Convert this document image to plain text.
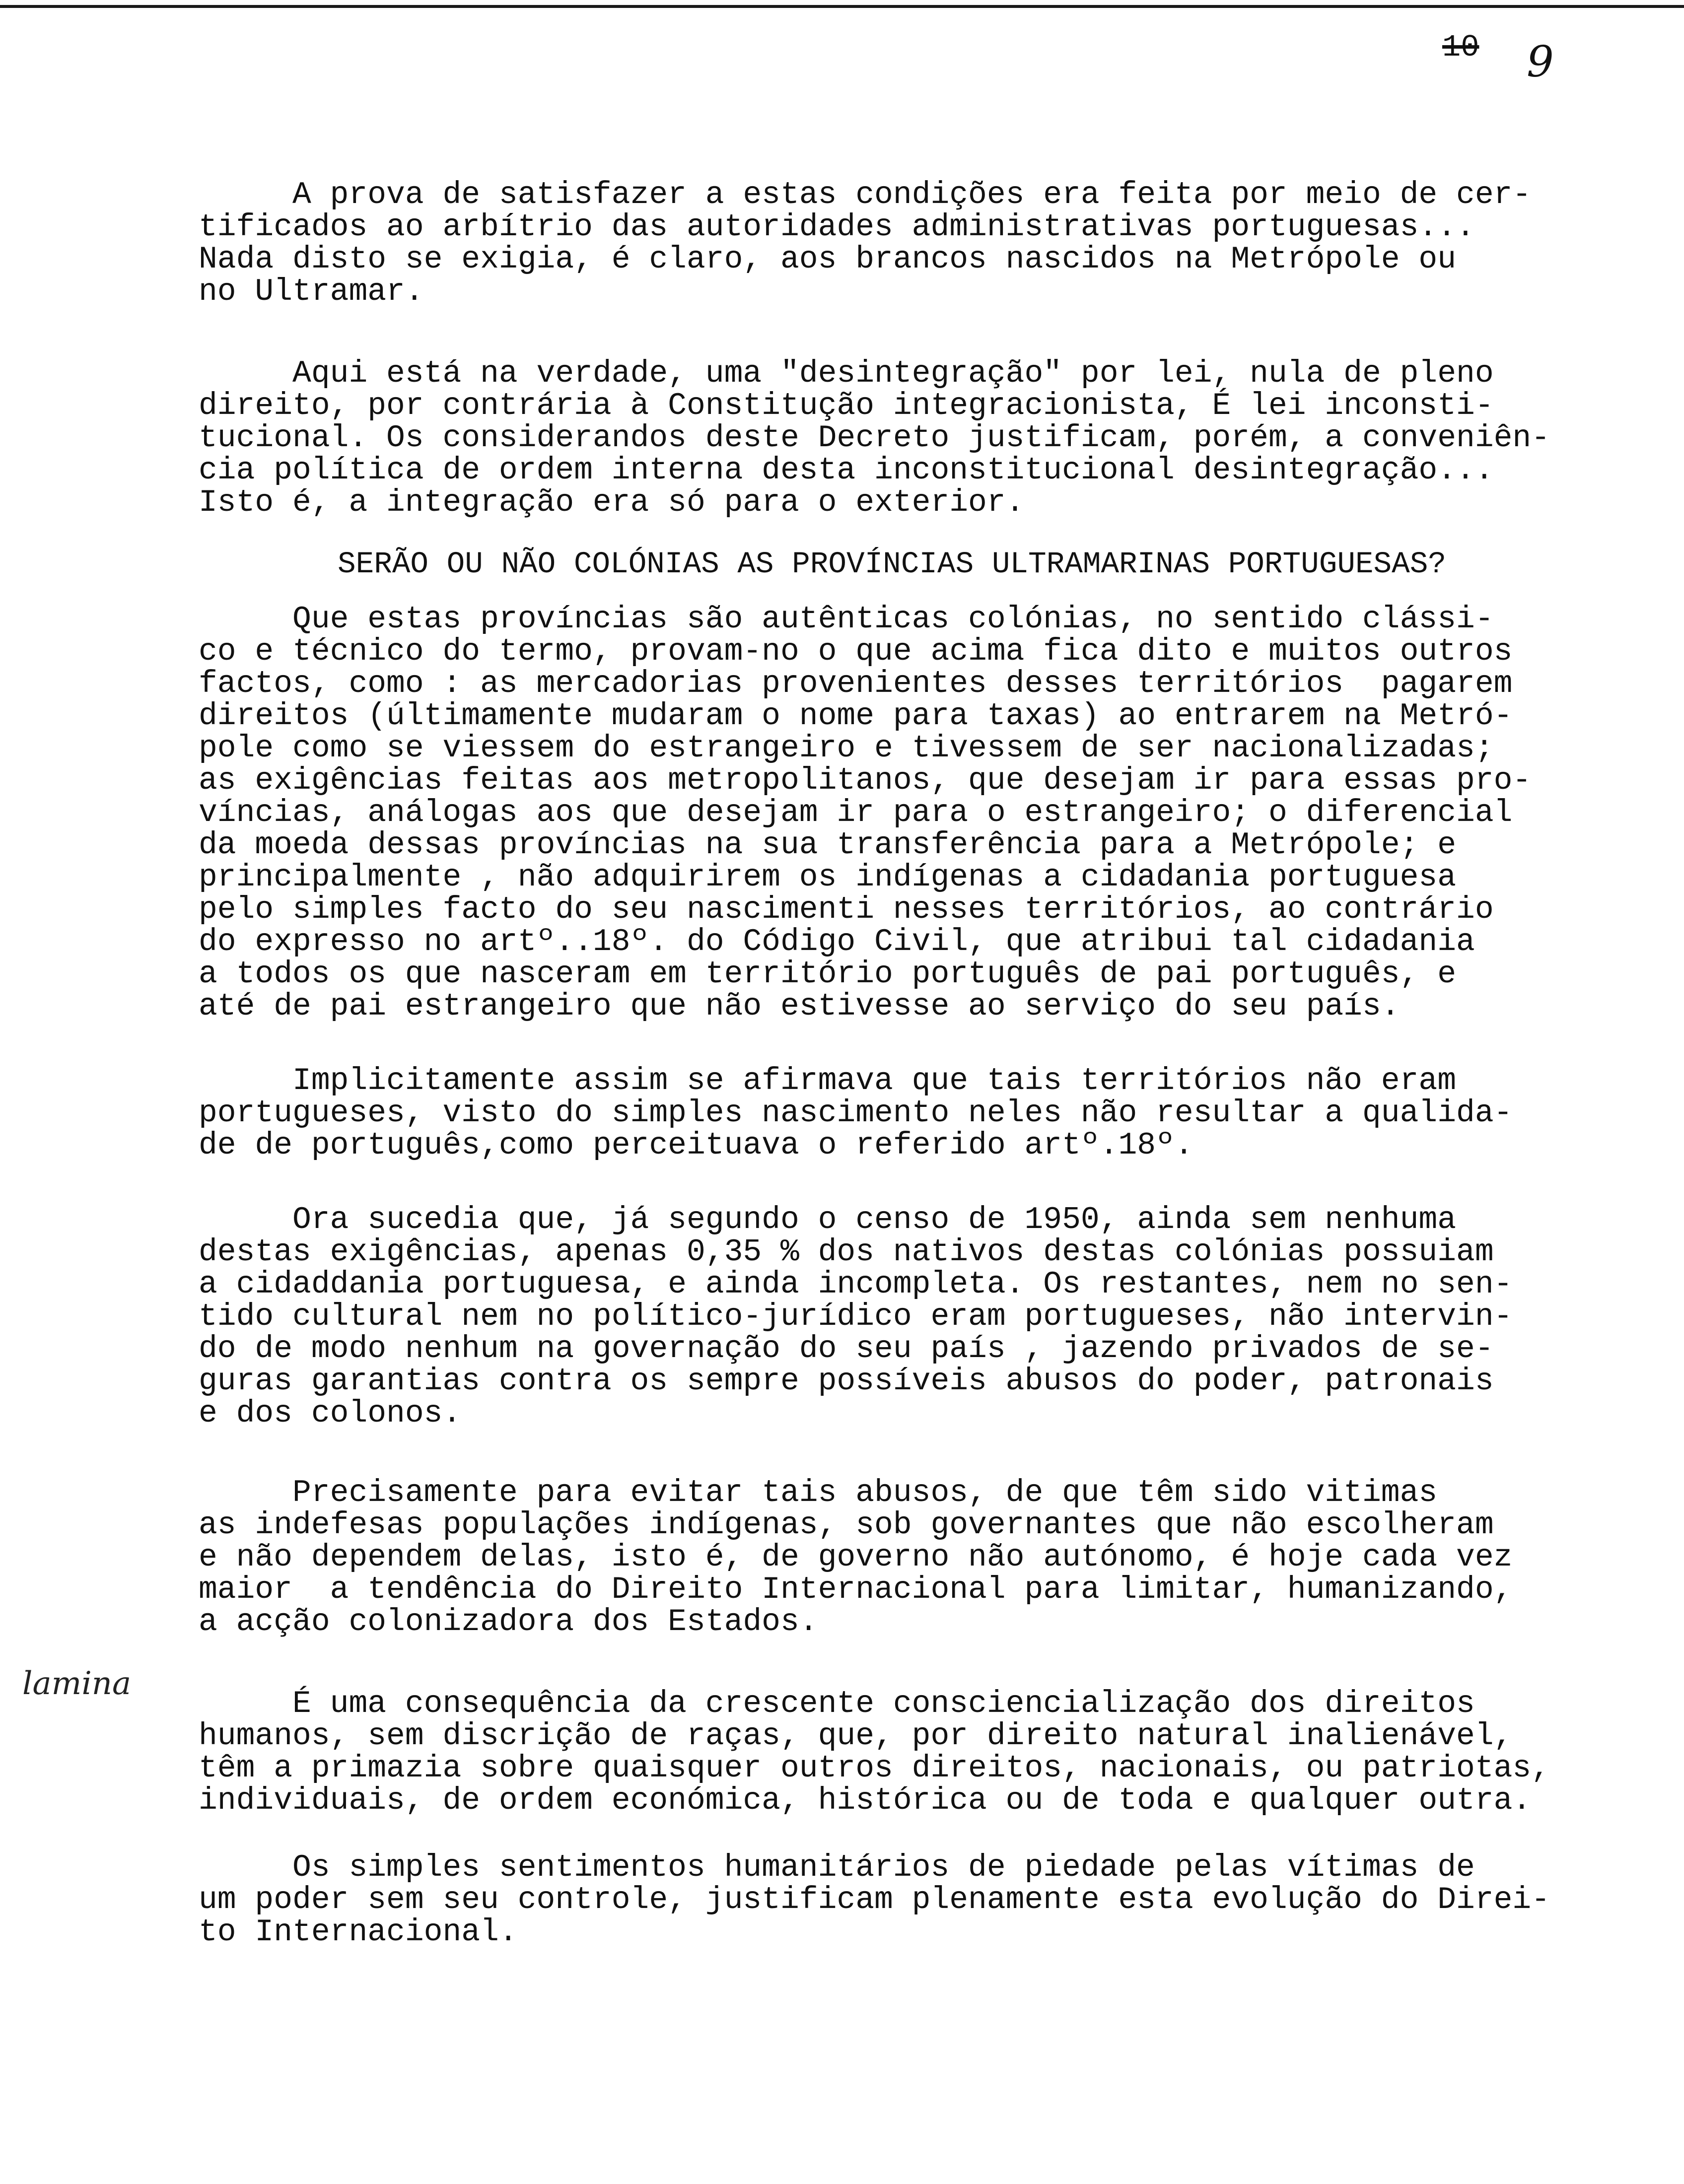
10 9
lamina

A prova de satisfazer a estas condições era feita por meio de cer-
tificados ao arbítrio das autoridades administrativas portuguesas...
Nada disto se exigia, é claro, aos brancos nascidos na Metrópole ou
no Ultramar.

Aqui está na verdade, uma "desintegração" por lei, nula de pleno
direito, por contrária à Constitução integracionista, É lei inconsti-
tucional. Os considerandos deste Decreto justificam, porém, a conveniên-
cia política de ordem interna desta inconstitucional desintegração...
Isto é, a integração era só para o exterior.

SERÃO OU NÃO COLÓNIAS AS PROVÍNCIAS ULTRAMARINAS PORTUGUESAS?

Que estas províncias são autênticas colónias, no sentido clássi-
co e técnico do termo, provam-no o que acima fica dito e muitos outros
factos, como : as mercadorias provenientes desses territórios  pagarem
direitos (últimamente mudaram o nome para taxas) ao entrarem na Metró-
pole como se viessem do estrangeiro e tivessem de ser nacionalizadas;
as exigências feitas aos metropolitanos, que desejam ir para essas pro-
víncias, análogas aos que desejam ir para o estrangeiro; o diferencial
da moeda dessas províncias na sua transferência para a Metrópole; e
principalmente , não adquirirem os indígenas a cidadania portuguesa
pelo simples facto do seu nascimenti nesses territórios, ao contrário
do expresso no artº..18º. do Código Civil, que atribui tal cidadania
a todos os que nasceram em território português de pai português, e
até de pai estrangeiro que não estivesse ao serviço do seu país.

Implicitamente assim se afirmava que tais territórios não eram
portugueses, visto do simples nascimento neles não resultar a qualida-
de de português,como perceituava o referido artº.18º.

Ora sucedia que, já segundo o censo de 1950, ainda sem nenhuma
destas exigências, apenas 0,35 % dos nativos destas colónias possuiam
a cidaddania portuguesa, e ainda incompleta. Os restantes, nem no sen-
tido cultural nem no político-jurídico eram portugueses, não intervin-
do de modo nenhum na governação do seu país , jazendo privados de se-
guras garantias contra os sempre possíveis abusos do poder, patronais
e dos colonos.

Precisamente para evitar tais abusos, de que têm sido vitimas
as indefesas populações indígenas, sob governantes que não escolheram
e não dependem delas, isto é, de governo não autónomo, é hoje cada vez
maior  a tendência do Direito Internacional para limitar, humanizando,
a acção colonizadora dos Estados.

É uma consequência da crescente consciencialização dos direitos
humanos, sem discrição de raças, que, por direito natural inalienável,
têm a primazia sobre quaisquer outros direitos, nacionais, ou patriotas,
individuais, de ordem económica, histórica ou de toda e qualquer outra.

Os simples sentimentos humanitários de piedade pelas vítimas de
um poder sem seu controle, justificam plenamente esta evolução do Direi-
to Internacional.
